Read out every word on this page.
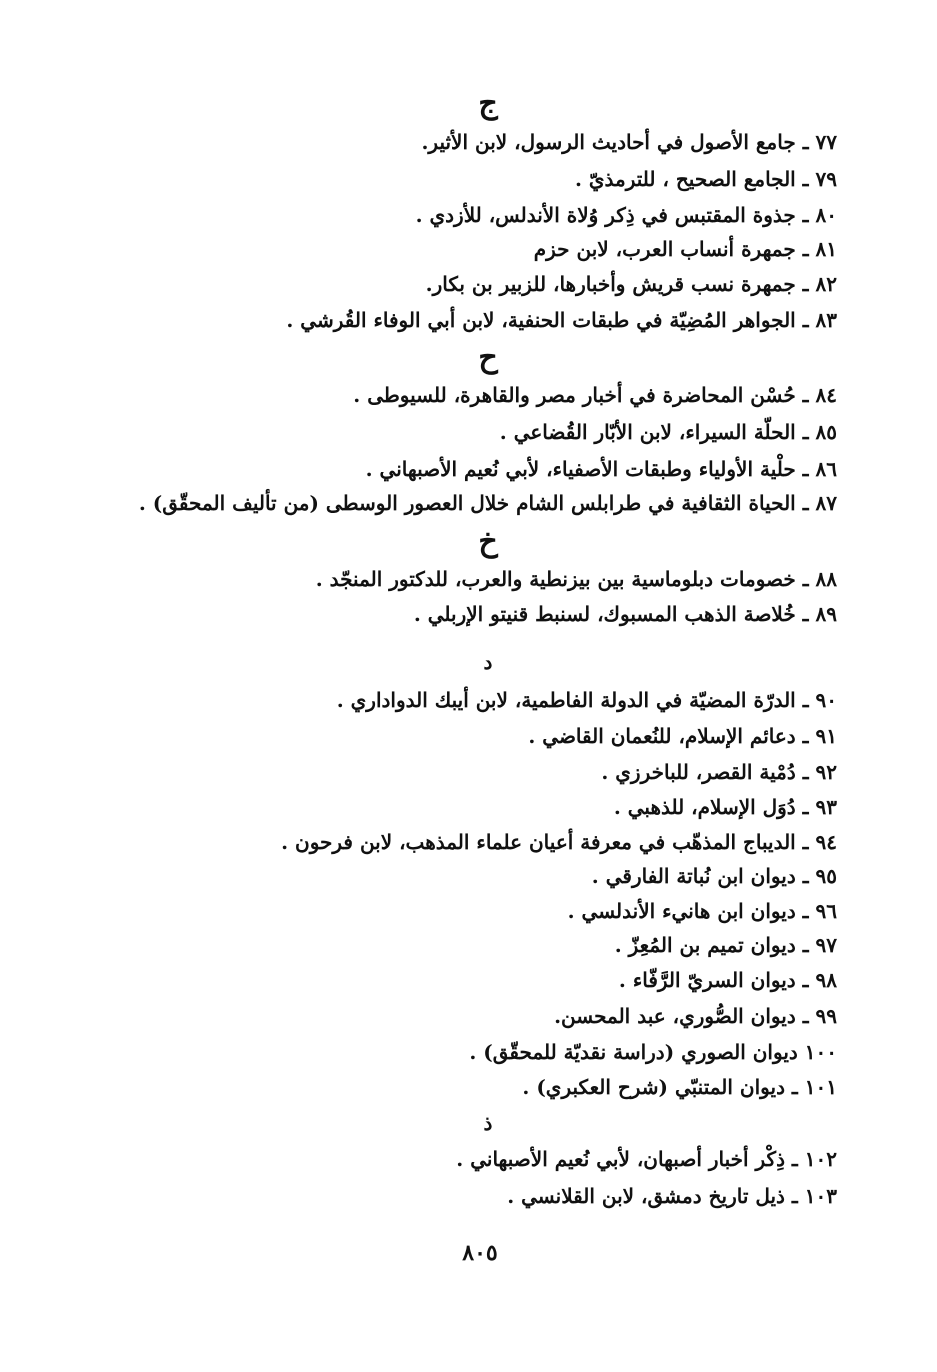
ج
٧٧ ـ جامع الأصول في أحاديث الرسول، لابن الأثير.
٧٩ ـ الجامع الصحيح ، للترمذيّ .
٨٠ ـ جذوة المقتبس في ذِكر وُلاة الأندلس، للأزدي .
٨١ ـ جمهرة أنساب العرب، لابن حزم
٨٢ ـ جمهرة نسب قريش وأخبارها، للزبير بن بكار.
٨٣ ـ الجواهر المُضِيّة في طبقات الحنفية، لابن أبي الوفاء القُرشي .
ح
٨٤ ـ حُسْن المحاضرة في أخبار مصر والقاهرة، للسيوطى .
٨٥ ـ الحلّة السيراء، لابن الأبّار القُضاعي .
٨٦ ـ حلْية الأولياء وطبقات الأصفياء، لأبي نُعيم الأصبهاني .
٨٧ ـ الحياة الثقافية في طرابلس الشام خلال العصور الوسطى (من تأليف المحقّق) .
خ
٨٨ ـ خصومات دبلوماسية بين بيزنطية والعرب، للدكتور المنجّد .
٨٩ ـ خُلاصة الذهب المسبوك، لسنبط قنيتو الإربلي .
د
٩٠ ـ الدرّة المضيّة في الدولة الفاطمية، لابن أيبك الدواداري .
٩١ ـ دعائم الإسلام، للنُعمان القاضي .
٩٢ ـ دُمْية القصر، للباخرزي .
٩٣ ـ دُوَل الإسلام، للذهبي .
٩٤ ـ الديباج المذهّب في معرفة أعيان علماء المذهب، لابن فرحون .
٩٥ ـ ديوان ابن نُباتة الفارقي .
٩٦ ـ ديوان ابن هانيء الأندلسي .
٩٧ ـ ديوان تميم بن المُعِزّ .
٩٨ ـ ديوان السريّ الرَّفّاء .
٩٩ ـ ديوان الصُّوري، عبد المحسن.
١٠٠ ديوان الصوري (دراسة نقديّة للمحقّق) .
١٠١ ـ ديوان المتنبّي (شرح العكبري) .
ذ
١٠٢ ـ ذِكْر أخبار أصبهان، لأبي نُعيم الأصبهاني .
١٠٣ ـ ذيل تاريخ دمشق، لابن القلانسي .
٨٠٥
